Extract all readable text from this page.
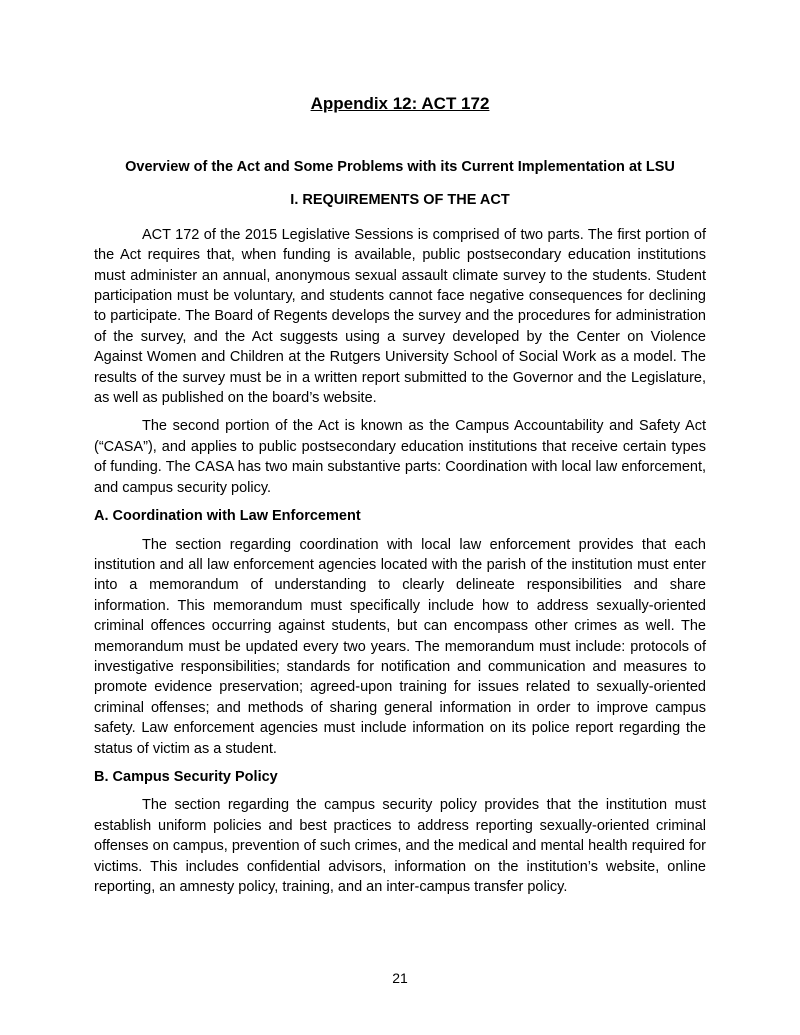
Appendix 12: ACT 172

Overview of the Act and Some Problems with its Current Implementation at LSU

I. REQUIREMENTS OF THE ACT

ACT 172 of the 2015 Legislative Sessions is comprised of two parts. The first portion of the Act requires that, when funding is available, public postsecondary education institutions must administer an annual, anonymous sexual assault climate survey to the students. Student participation must be voluntary, and students cannot face negative consequences for declining to participate. The Board of Regents develops the survey and the procedures for administration of the survey, and the Act suggests using a survey developed by the Center on Violence Against Women and Children at the Rutgers University School of Social Work as a model. The results of the survey must be in a written report submitted to the Governor and the Legislature, as well as published on the board’s website.

The second portion of the Act is known as the Campus Accountability and Safety Act (“CASA”), and applies to public postsecondary education institutions that receive certain types of funding. The CASA has two main substantive parts: Coordination with local law enforcement, and campus security policy.

A. Coordination with Law Enforcement

The section regarding coordination with local law enforcement provides that each institution and all law enforcement agencies located with the parish of the institution must enter into a memorandum of understanding to clearly delineate responsibilities and share information. This memorandum must specifically include how to address sexually-oriented criminal offences occurring against students, but can encompass other crimes as well. The memorandum must be updated every two years. The memorandum must include: protocols of investigative responsibilities; standards for notification and communication and measures to promote evidence preservation; agreed-upon training for issues related to sexually-oriented criminal offenses; and methods of sharing general information in order to improve campus safety. Law enforcement agencies must include information on its police report regarding the status of victim as a student.

B. Campus Security Policy

The section regarding the campus security policy provides that the institution must establish uniform policies and best practices to address reporting sexually-oriented criminal offenses on campus, prevention of such crimes, and the medical and mental health required for victims. This includes confidential advisors, information on the institution’s website, online reporting, an amnesty policy, training, and an inter-campus transfer policy.

21
